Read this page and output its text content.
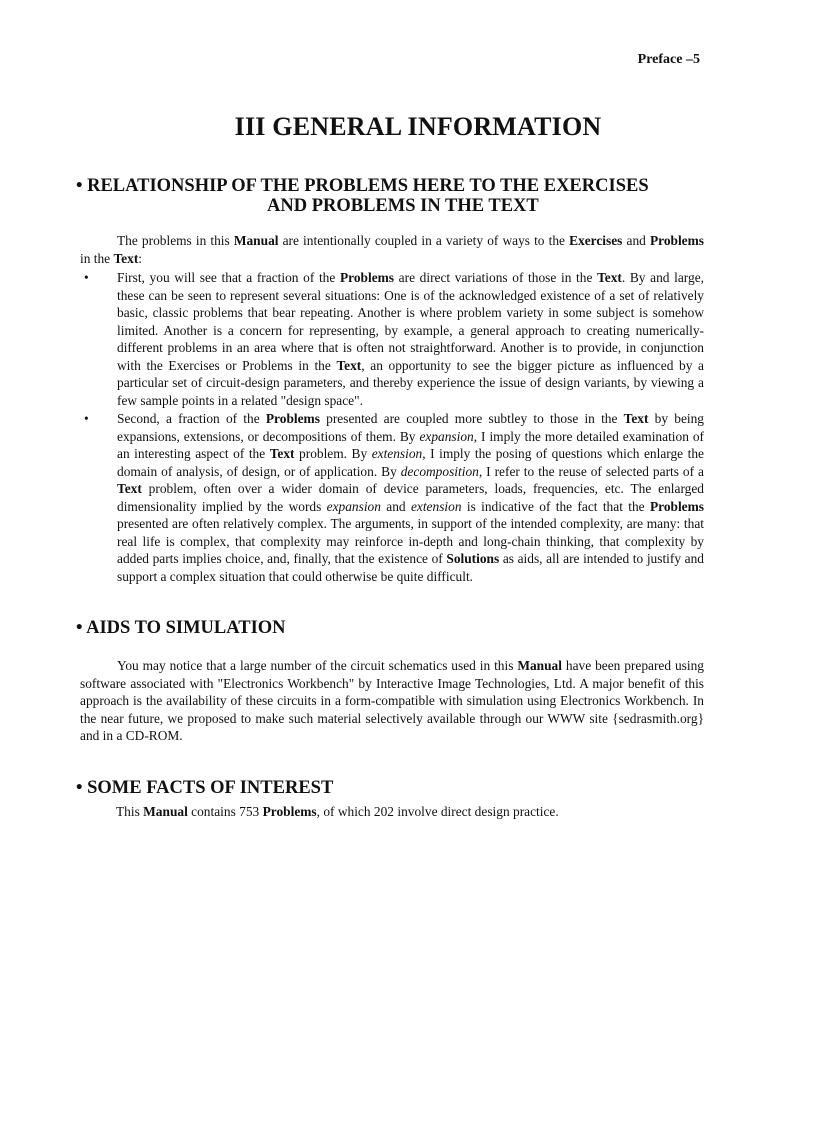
Preface –5
III GENERAL INFORMATION
• RELATIONSHIP OF THE PROBLEMS HERE TO THE EXERCISES

AND PROBLEMS IN THE TEXT
The problems in this Manual are intentionally coupled in a variety of ways to the Exercises and Problems in the Text:
• First, you will see that a fraction of the Problems are direct variations of those in the Text. By and large, these can be seen to represent several situations: One is of the acknowledged existence of a set of relatively basic, classic problems that bear repeating. Another is where problem variety in some subject is somehow limited. Another is a concern for representing, by example, a general approach to creating numerically-different problems in an area where that is often not straightforward. Another is to provide, in conjunction with the Exercises or Problems in the Text, an opportunity to see the bigger picture as influenced by a particular set of circuit-design parameters, and thereby experience the issue of design variants, by viewing a few sample points in a related "design space".
• Second, a fraction of the Problems presented are coupled more subtley to those in the Text by being expansions, extensions, or decompositions of them. By expansion, I imply the more detailed examination of an interesting aspect of the Text problem. By extension, I imply the posing of questions which enlarge the domain of analysis, of design, or of application. By decomposition, I refer to the reuse of selected parts of a Text problem, often over a wider domain of device parameters, loads, frequencies, etc. The enlarged dimensionality implied by the words expansion and extension is indicative of the fact that the Problems presented are often relatively complex. The arguments, in support of the intended complexity, are many: that real life is complex, that complexity may reinforce in-depth and long-chain thinking, that complexity by added parts implies choice, and, finally, that the existence of Solutions as aids, all are intended to justify and support a complex situation that could otherwise be quite difficult.
• AIDS TO SIMULATION
You may notice that a large number of the circuit schematics used in this Manual have been prepared using software associated with "Electronics Workbench" by Interactive Image Technologies, Ltd. A major benefit of this approach is the availability of these circuits in a form-compatible with simulation using Electronics Workbench. In the near future, we proposed to make such material selectively available through our WWW site {sedrasmith.org} and in a CD-ROM.
• SOME FACTS OF INTEREST
This Manual contains 753 Problems, of which 202 involve direct design practice.
